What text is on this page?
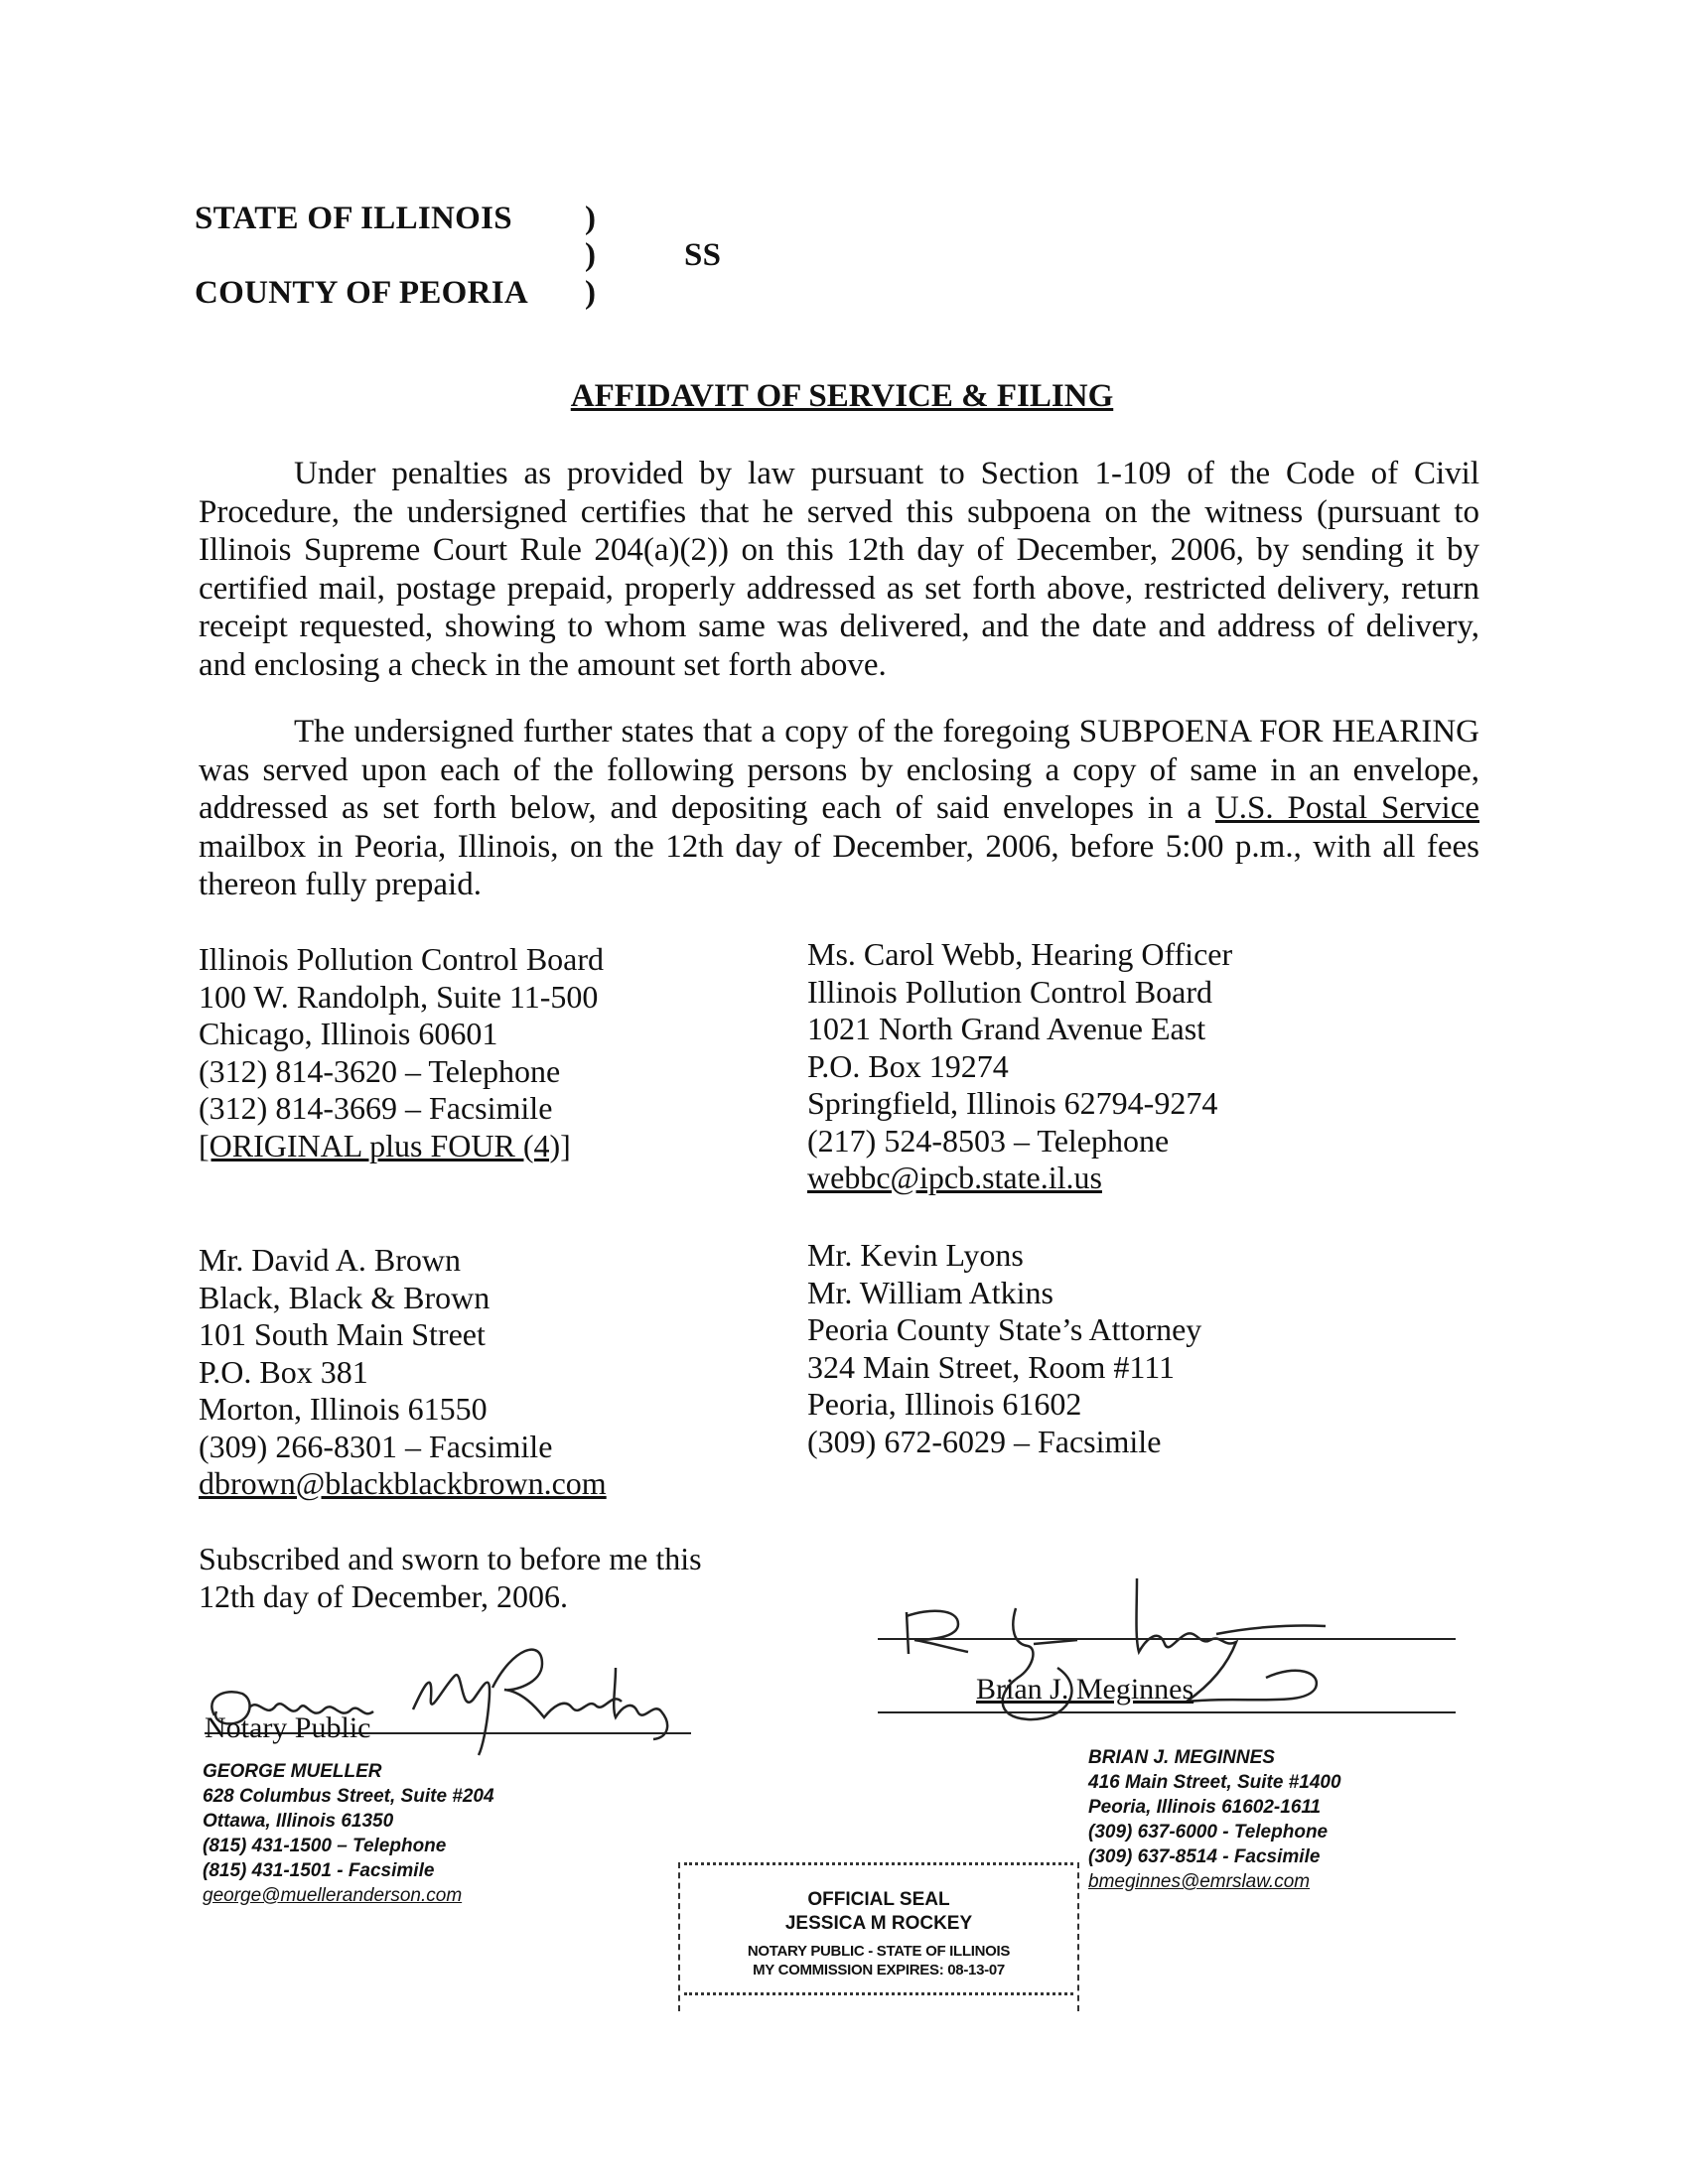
STATE OF ILLINOIS
COUNTY OF PEORIA
)
)
)
SS
AFFIDAVIT OF SERVICE & FILING

Under penalties as provided by law pursuant to Section 1-109 of the Code of Civil Procedure, the undersigned certifies that he served this subpoena on the witness (pursuant to Illinois Supreme Court Rule 204(a)(2)) on this 12th day of December, 2006, by sending it by certified mail, postage prepaid, properly addressed as set forth above, restricted delivery, return receipt requested, showing to whom same was delivered, and the date and address of delivery, and enclosing a check in the amount set forth above.

The undersigned further states that a copy of the foregoing SUBPOENA FOR HEARING was served upon each of the following persons by enclosing a copy of same in an envelope, addressed as set forth below, and depositing each of said envelopes in a U.S. Postal Service mailbox in Peoria, Illinois, on the 12th day of December, 2006, before 5:00 p.m., with all fees thereon fully prepaid.

Illinois Pollution Control Board
100 W. Randolph, Suite 11-500
Chicago, Illinois 60601
(312) 814-3620 – Telephone
(312) 814-3669 – Facsimile
[ORIGINAL plus FOUR (4)]
Ms. Carol Webb, Hearing Officer
Illinois Pollution Control Board
1021 North Grand Avenue East
P.O. Box 19274
Springfield, Illinois 62794-9274
(217) 524-8503 – Telephone
webbc@ipcb.state.il.us
Mr. David A. Brown
Black, Black & Brown
101 South Main Street
P.O. Box 381
Morton, Illinois 61550
(309) 266-8301 – Facsimile
dbrown@blackblackbrown.com
Mr. Kevin Lyons
Mr. William Atkins
Peoria County State’s Attorney
324 Main Street, Room #111
Peoria, Illinois 61602
(309) 672-6029 – Facsimile
Subscribed and sworn to before me this
12th day of December, 2006.
Notary Public
Brian J. Meginnes
GEORGE MUELLER
628 Columbus Street, Suite #204
Ottawa, Illinois 61350
(815) 431-1500 – Telephone
(815) 431-1501 - Facsimile
george@muelleranderson.com
BRIAN J. MEGINNES
416 Main Street, Suite #1400
Peoria, Illinois 61602-1611
(309) 637-6000 - Telephone
(309) 637-8514 - Facsimile
bmeginnes@emrslaw.com
OFFICIAL SEAL
JESSICA M ROCKEY
NOTARY PUBLIC - STATE OF ILLINOIS
MY COMMISSION EXPIRES: 08-13-07
